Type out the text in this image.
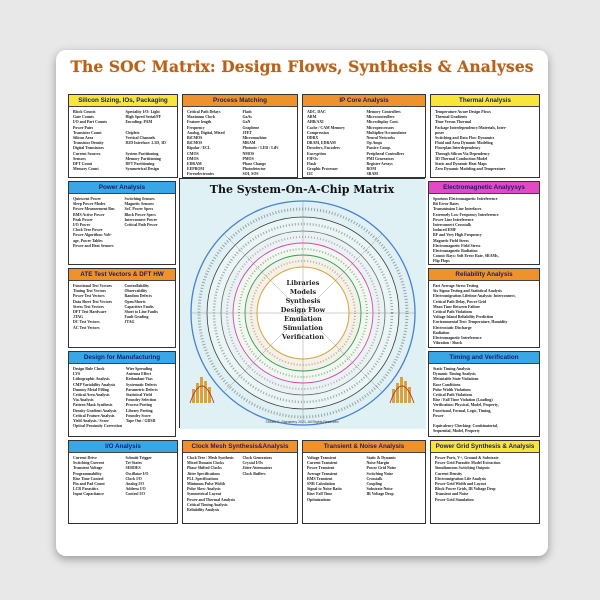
The SOC Matrix: Design Flows, Synthesis & Analyses
Silicon Sizing, IOs, Packaging
Block Counts
Gate Counts
I/O and Part Counts
Power Pairs
Transistor Count
Silicon Area
Transistor Density
Digital Transistors
Current Sources
Sensors
DFT Count
Memory Count
Speciality I/O: Light
High Speed Serial/FF
Encoding: PAM

Chiplets
Vertical Channels
D2D Interface: 2.5D, 3D

System Partitioning
Memory Partitioning
DFT Partitioning
Symmetrical Design
Process Matching
Critical Path Delays
Maximum Clock
Feature length
Frequency
Analog, Digital, Mixed
BiCMOS
BiCMOS
Bipolar / ECL
CMOS
DMOS
EDRAM
EEPROM
Ferroelectronics
Flash
GaAs
GaN
Graphene
JFET
Micromachine
MRAM
Photonic / LED / LiFi
NMOS
PMOS
Phase Change
Photodetector
SOI, SOS
IP Core Analysis
ADC, DAC
ARM
AHB/AXI
Cache / CAM Memory
Compression
DDRX
DRAM, EDRAM
Decoders, Encoders
Encryption
FIFOs
Flash
Graphic Processor
I2C
Memory Controllers
Microcontrollers
Microdisplay Cont.
Microprocessors
Multiplier/Accumulator
Neural Networks
Op Amps
Passive Comp.
Peripheral Controllers
PMI Generators
Register Arrays
ROM
SRAM
Thermal Analysis
Temperature Aware Design Flows
Thermal Gradients
Time Versus Thermal
Package Interdependency/Materials, Inter-
poser
Switching and Data Flow Dynamics
Fluid and Area Dynamic Modeling
Floorplan Interdependency
Through Silicon Via Dependency
3D Thermal Conduction Model
Static and Dynamic Heat Maps
Zero Dynamic Modeling and Temperature
Power Analysis
Quiescent Power
Sleep Power Modes
Power Measurement Bus
RMS Active Power
Peak Power
I/O Power
Clock Tree Power
Power Algorithm: Volt-
age, Power Tables
Power and Heat Sensors
Switching Sensors
Magnetic Sensors
SoC Power Specs
Block Power Specs
Interconnect Power
Critical Path Power
ATE Test Vectors & DFT HW
Functional Test Vectors
Timing Test Vectors
Power Test Vectors
Data Sheet Test Vectors
Stress Test Vectors
DFT Test Hardware
JTAG
DC Test Vectors
AC Test Vectors
Controllability
Observability
Random Defects
Open/Shorts
Capacitive Faults
Short to Line Faults
Fault Grading
JTAG
Design for Manufacturing
Design Rule Check
LVS
Lithographic Analysis
CMP Variability Analysis
Dummy Metal Filling
Critical Area Analysis
Via Analysis
Pattern Mask Synthesis
Density Gradient Analysis
Critical Feature Analysis
Yield Analysis / Score
Optical Proximity Correction
Wire Spreading
Antenna Effect
Redundant Vias
Systematic Defects
Parametric Defects
Statistical Yield
Foundry Selection
Process Porting
Library Porting
Foundry Score
Tape Out / GDSII
Electromagnetic Analyysys
Spurious Electromagnetic Interference
Bit Error Rates
Transmission Line Interfaces
Extremely Low Frequency Interference
Power Line Interference
Interconnect Crosstalk
Induced EMF
RF and Very High Frequency
Magnetic Field Stress
Electromagnetic Field Stress
Electromagnetic Radiation
Cosmic Rays: Soft Error Rate, SRAMs,
Flip Flops
Reliability Analysis
Part Average Stress Testing
Six Sigma Testing and Statistical Analysis
Electromigration Lifetime Analysis: Interconnect,
Critical Path Delay, Power Grid
Mean Time Between Failure
Critical Path Violations
Voltage Island Reliability Prediction
Environmental Test: Temperature, Humidity
Electrostatic Discharge
Radiation
Electromagnetic Interference
Vibration / Shock
Timing and Verification
Static Timing Analysis
Dynamic Timing Analysis
Metastable State Violations
Race Conditions
Pulse Width Violations
Critical Path Violations
Rise / Fall Time Violation (Loading)
Verification: Physical, Model, Property,
Functional, Formal, Logic, Timing,
Power

Equivalency Checking: Combinatorial,
Sequential, Model, Property
I/O Analysis
Current Drive
Switching Current
Transient Voltage
Programmability
Rise Time Control
Pin and Pad Count
LCR Parasitics
Input Capacitance
Schmitt Trigger
Tri-States
SERDES
Oscillator I/O
Clock I/O
Analog I/O
Address I/O
Control I/O
Clock Mesh Synthesis&Analysis
Clock Tree / Mesh Synthesis
Mixed Domain Clocks
Phase Shifted Clocks
Jitter Specifications
PLL Specifications
Minimum Pulse Width
Pulse Skew Analysis
Symmetrical Layout
Power and Thermal Analysis
Critical Timing Analysis
Reliability Analysis
Clock Generators
Crystal I/Os
Jitter Attenuators
Clock Buffers
Transient & Noise Analysis
Voltage Transient
Current Transient
Power Transient
Average Transient
RMS Transient
SNR Calculation
Signal to Noise Ratio
Rise/ Fall Time
Optimizations
Static & Dynamic
Noise Margin
Power Grid Noise
Switching Noise
Crosstalk
Coupling
Substrate Noise
IR Voltage Drop
Power Grid Synthesis & Analysis
Power Ports, V+, Ground & Substrate
Power Grid Parasitic Model Extraction
Simultaneous Switching Outputs
Current Density
Electromigration Life Analysis
Power Grid Width and Layout
Block Power Grids, IR Voltage Drop
Transient and Noise
Power Grid Simulation
The System-On-A-Chip Matrix
Libraries
Models
Synthesis
Design Flow
Emulation
Simulation
Verification
©Mark C. Stansbery 2021, All Rights Reserved
